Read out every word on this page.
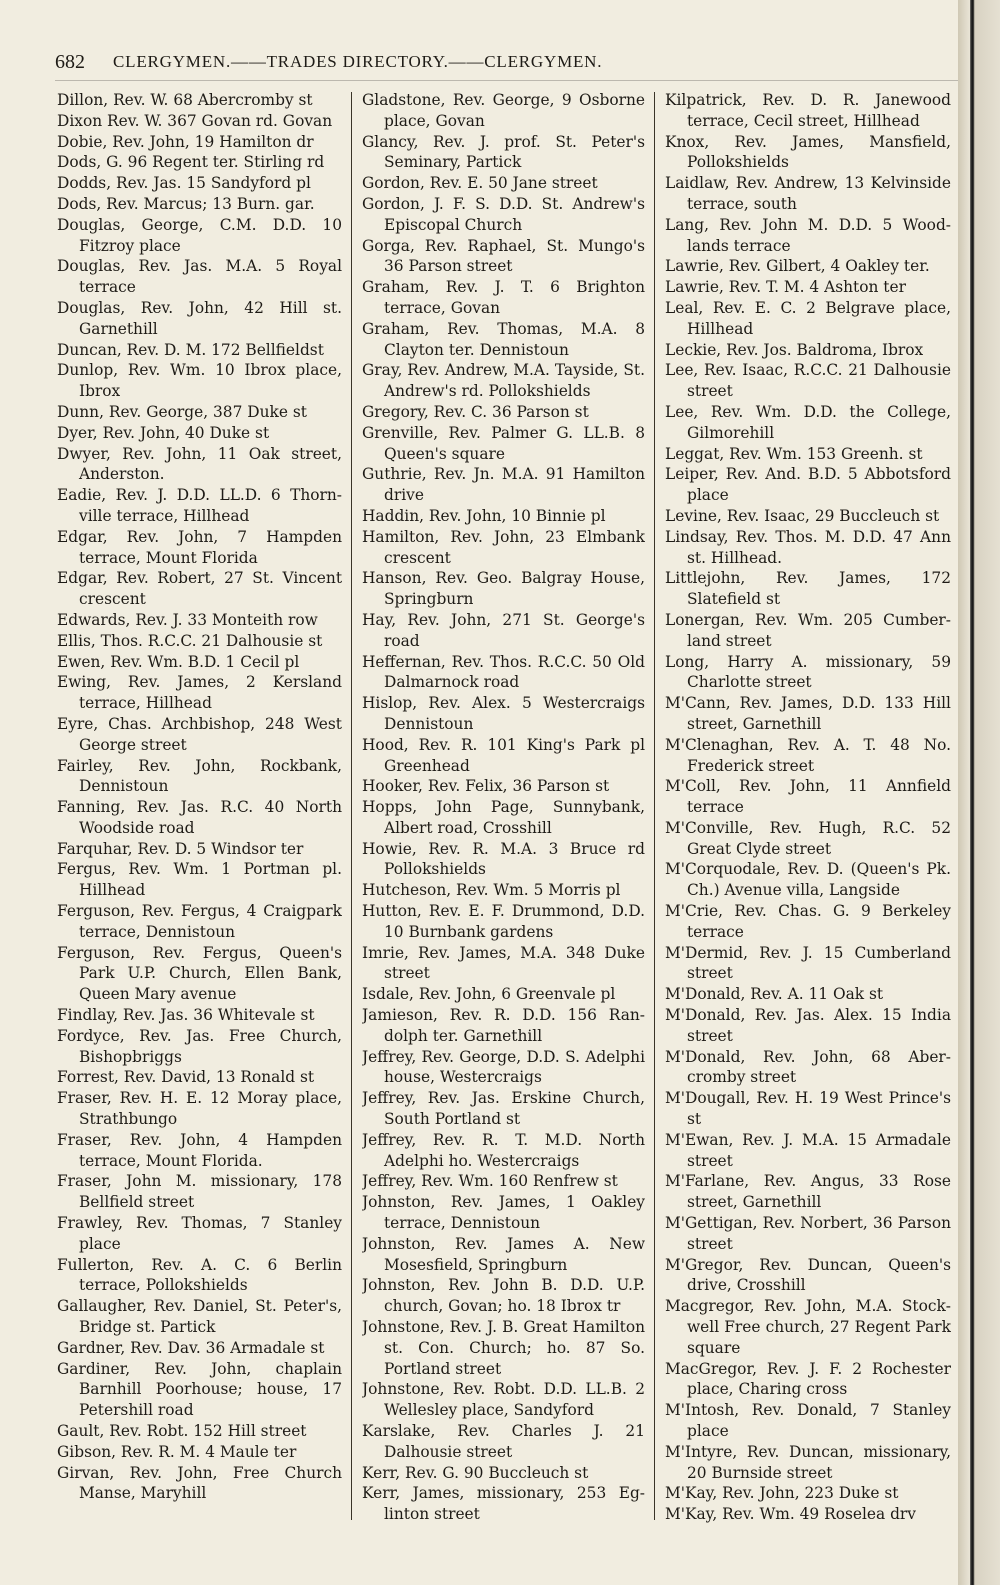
682 CLERGYMEN.——TRADES DIRECTORY.——CLERGYMEN.
Dillon, Rev. W. 68 Abercromby st
Dixon Rev. W. 367 Govan rd. Govan
Dobie, Rev. John, 19 Hamilton dr
Dods, G. 96 Regent ter. Stirling rd
Dodds, Rev. Jas. 15 Sandyford pl
Dods, Rev. Marcus; 13 Burn. gar.
Douglas, George, C.M. D.D. 10 Fitzroy place
Douglas, Rev. Jas. M.A. 5 Royal terrace
Douglas, Rev. John, 42 Hill st. Garnethill
Duncan, Rev. D. M. 172 Bellfieldst
Dunlop, Rev. Wm. 10 Ibrox place, Ibrox
Dunn, Rev. George, 387 Duke st
Dyer, Rev. John, 40 Duke st
Dwyer, Rev. John, 11 Oak street, Anderston.
Eadie, Rev. J. D.D. LL.D. 6 Thornville terrace, Hillhead
Edgar, Rev. John, 7 Hampden terrace, Mount Florida
Edgar, Rev. Robert, 27 St. Vincent crescent
Edwards, Rev. J. 33 Monteith row
Ellis, Thos. R.C.C. 21 Dalhousie st
Ewen, Rev. Wm. B.D. 1 Cecil pl
Ewing, Rev. James, 2 Kersland terrace, Hillhead
Eyre, Chas. Archbishop, 248 West George street
Fairley, Rev. John, Rockbank, Dennistoun
Fanning, Rev. Jas. R.C. 40 North Woodside road
Farquhar, Rev. D. 5 Windsor ter
Fergus, Rev. Wm. 1 Portman pl. Hillhead
Ferguson, Rev. Fergus, 4 Craigpark terrace, Dennistoun
Ferguson, Rev. Fergus, Queen's Park U.P. Church, Ellen Bank, Queen Mary avenue
Findlay, Rev. Jas. 36 Whitevale st
Fordyce, Rev. Jas. Free Church, Bishopbriggs
Forrest, Rev. David, 13 Ronald st
Fraser, Rev. H. E. 12 Moray place, Strathbungo
Fraser, Rev. John, 4 Hampden terrace, Mount Florida.
Fraser, John M. missionary, 178 Bellfield street
Frawley, Rev. Thomas, 7 Stanley place
Fullerton, Rev. A. C. 6 Berlin terrace, Pollokshields
Gallaugher, Rev. Daniel, St. Peter's, Bridge st. Partick
Gardner, Rev. Dav. 36 Armadale st
Gardiner, Rev. John, chaplain Barnhill Poorhouse; house, 17 Petershill road
Gault, Rev. Robt. 152 Hill street
Gibson, Rev. R. M. 4 Maule ter
Girvan, Rev. John, Free Church Manse, Maryhill
Gladstone, Rev. George, 9 Osborne place, Govan
Glancy, Rev. J. prof. St. Peter's Seminary, Partick
Gordon, Rev. E. 50 Jane street
Gordon, J. F. S. D.D. St. Andrew's Episcopal Church
Gorga, Rev. Raphael, St. Mungo's 36 Parson street
Graham, Rev. J. T. 6 Brighton terrace, Govan
Graham, Rev. Thomas, M.A. 8 Clayton ter. Dennistoun
Gray, Rev. Andrew, M.A. Tayside, St. Andrew's rd. Pollokshields
Gregory, Rev. C. 36 Parson st
Grenville, Rev. Palmer G. LL.B. 8 Queen's square
Guthrie, Rev. Jn. M.A. 91 Hamilton drive
Haddin, Rev. John, 10 Binnie pl
Hamilton, Rev. John, 23 Elmbank crescent
Hanson, Rev. Geo. Balgray House, Springburn
Hay, Rev. John, 271 St. George's road
Heffernan, Rev. Thos. R.C.C. 50 Old Dalmarnock road
Hislop, Rev. Alex. 5 Westercraigs Dennistoun
Hood, Rev. R. 101 King's Park pl Greenhead
Hooker, Rev. Felix, 36 Parson st
Hopps, John Page, Sunnybank, Albert road, Crosshill
Howie, Rev. R. M.A. 3 Bruce rd Pollokshields
Hutcheson, Rev. Wm. 5 Morris pl
Hutton, Rev. E. F. Drummond, D.D. 10 Burnbank gardens
Imrie, Rev. James, M.A. 348 Duke street
Isdale, Rev. John, 6 Greenvale pl
Jamieson, Rev. R. D.D. 156 Randolph ter. Garnethill
Jeffrey, Rev. George, D.D. S. Adelphi house, Westercraigs
Jeffrey, Rev. Jas. Erskine Church, South Portland st
Jeffrey, Rev. R. T. M.D. North Adelphi ho. Westercraigs
Jeffrey, Rev. Wm. 160 Renfrew st
Johnston, Rev. James, 1 Oakley terrace, Dennistoun
Johnston, Rev. James A. New Mosesfield, Springburn
Johnston, Rev. John B. D.D. U.P. church, Govan; ho. 18 Ibrox tr
Johnstone, Rev. J. B. Great Hamilton st. Con. Church; ho. 87 So. Portland street
Johnstone, Rev. Robt. D.D. LL.B. 2 Wellesley place, Sandyford
Karslake, Rev. Charles J. 21 Dalhousie street
Kerr, Rev. G. 90 Buccleuch st
Kerr, James, missionary, 253 Eglinton street
Kilpatrick, Rev. D. R. Janewood terrace, Cecil street, Hillhead
Knox, Rev. James, Mansfield, Pollokshields
Laidlaw, Rev. Andrew, 13 Kelvinside terrace, south
Lang, Rev. John M. D.D. 5 Woodlands terrace
Lawrie, Rev. Gilbert, 4 Oakley ter.
Lawrie, Rev. T. M. 4 Ashton ter
Leal, Rev. E. C. 2 Belgrave place, Hillhead
Leckie, Rev. Jos. Baldroma, Ibrox
Lee, Rev. Isaac, R.C.C. 21 Dalhousie street
Lee, Rev. Wm. D.D. the College, Gilmorehill
Leggat, Rev. Wm. 153 Greenh. st
Leiper, Rev. And. B.D. 5 Abbotsford place
Levine, Rev. Isaac, 29 Buccleuch st
Lindsay, Rev. Thos. M. D.D. 47 Ann st. Hillhead.
Littlejohn, Rev. James, 172 Slatefield st
Lonergan, Rev. Wm. 205 Cumberland street
Long, Harry A. missionary, 59 Charlotte street
M'Cann, Rev. James, D.D. 133 Hill street, Garnethill
M'Clenaghan, Rev. A. T. 48 No. Frederick street
M'Coll, Rev. John, 11 Annfield terrace
M'Conville, Rev. Hugh, R.C. 52 Great Clyde street
M'Corquodale, Rev. D. (Queen's Pk. Ch.) Avenue villa, Langside
M'Crie, Rev. Chas. G. 9 Berkeley terrace
M'Dermid, Rev. J. 15 Cumberland street
M'Donald, Rev. A. 11 Oak st
M'Donald, Rev. Jas. Alex. 15 India street
M'Donald, Rev. John, 68 Abercromby street
M'Dougall, Rev. H. 19 West Prince's st
M'Ewan, Rev. J. M.A. 15 Armadale street
M'Farlane, Rev. Angus, 33 Rose street, Garnethill
M'Gettigan, Rev. Norbert, 36 Parson street
M'Gregor, Rev. Duncan, Queen's drive, Crosshill
Macgregor, Rev. John, M.A. Stockwell Free church, 27 Regent Park square
MacGregor, Rev. J. F. 2 Rochester place, Charing cross
M'Intosh, Rev. Donald, 7 Stanley place
M'Intyre, Rev. Duncan, missionary, 20 Burnside street
M'Kay, Rev. John, 223 Duke st
M'Kay, Rev. Wm. 49 Roselea drv
